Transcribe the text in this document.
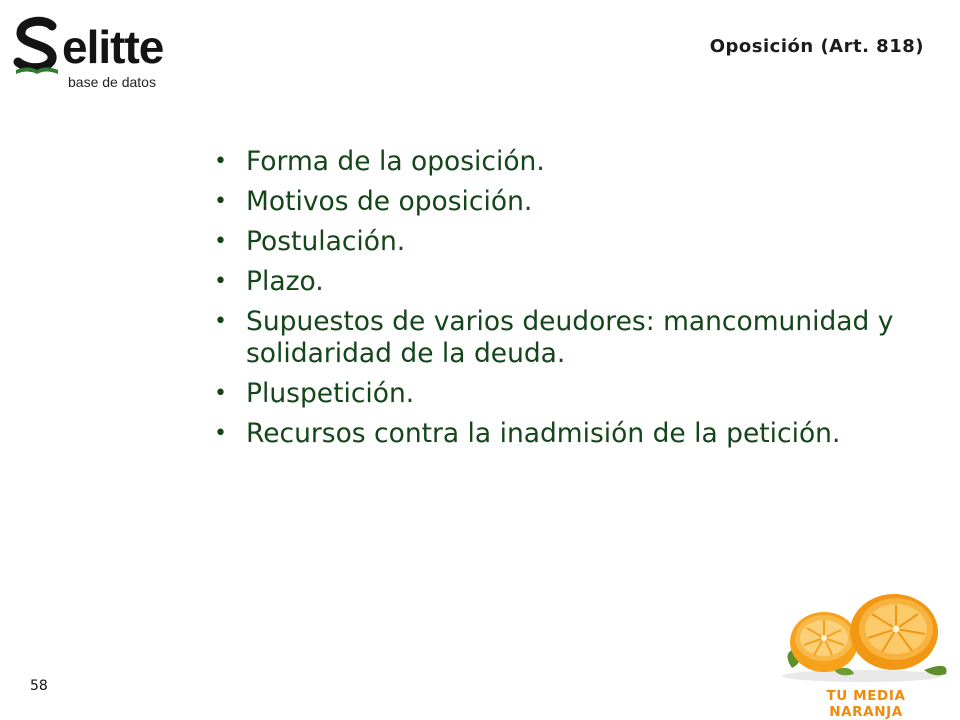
elitte
base de datos
Oposición (Art. 818)
• Forma de la oposición.
• Motivos de oposición.
• Postulación.
• Plazo.
• Supuestos de varios deudores: mancomunidad y solidaridad de la deuda.
• Pluspetición.
• Recursos contra la inadmisión de la petición.
58
TU MEDIA NARANJA
